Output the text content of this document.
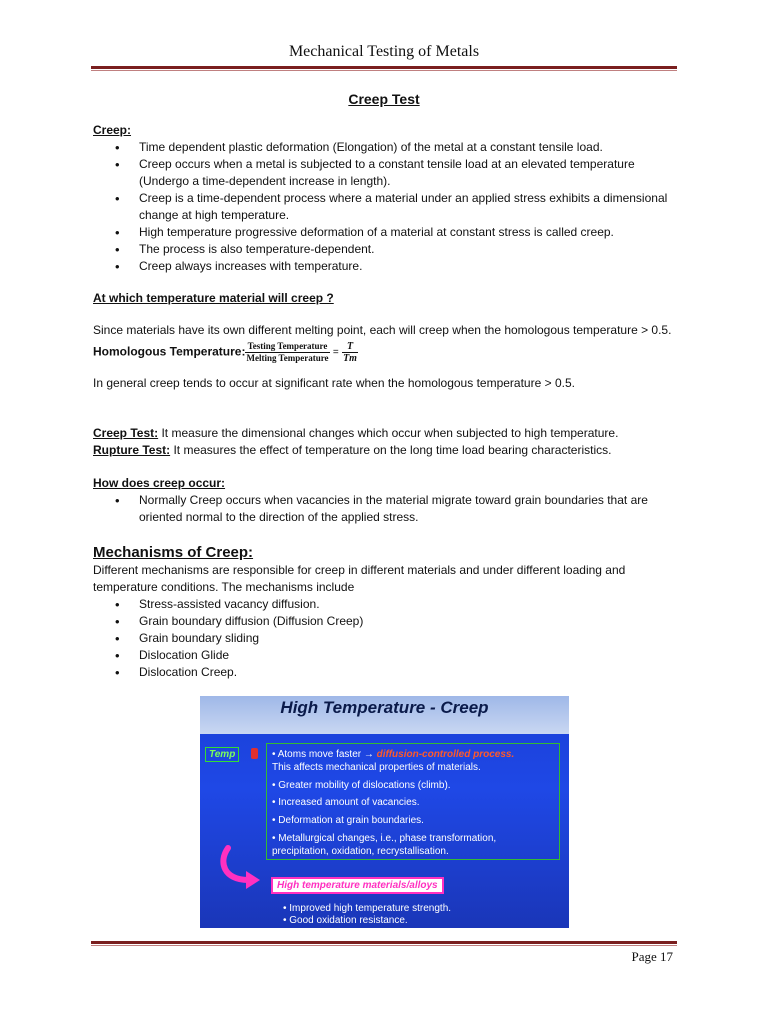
Mechanical Testing of Metals
Creep Test
Creep:
• Time dependent plastic deformation (Elongation) of the metal at a constant tensile load.
• Creep occurs when a metal is subjected to a constant tensile load at an elevated temperature (Undergo a time-dependent increase in length).
• Creep is a time-dependent process where a material under an applied stress exhibits a dimensional change at high temperature.
• High temperature progressive deformation of a material at constant stress is called creep.
• The process is also temperature-dependent.
• Creep always increases with temperature.
At which temperature material will creep ?
Since materials have its own different melting point, each will creep when the homologous temperature > 0.5.
Homologous Temperature: $\frac{\text{Testing Temperature}}{\text{Melting Temperature}} = \frac{T}{Tm}$
In general creep tends to occur at significant rate when the homologous temperature > 0.5.
Creep Test: It measure the dimensional changes which occur when subjected to high temperature.
Rupture Test: It measures the effect of temperature on the long time load bearing characteristics.
How does creep occur:
• Normally Creep occurs when vacancies in the material migrate toward grain boundaries that are oriented normal to the direction of the applied stress.
Mechanisms of Creep:
Different mechanisms are responsible for creep in different materials and under different loading and temperature conditions. The mechanisms include
• Stress-assisted vacancy diffusion.
• Grain boundary diffusion (Diffusion Creep)
• Grain boundary sliding
• Dislocation Glide
• Dislocation Creep.
High Temperature - Creep
Temp	• Atoms move faster → diffusion-controlled process.
This affects mechanical properties of materials.
• Greater mobility of dislocations (climb).
• Increased amount of vacancies.
• Deformation at grain boundaries.
• Metallurgical changes, i.e., phase transformation,
precipitation, oxidation, recrystallisation.
High temperature materials/alloys
• Improved high temperature strength.
• Good oxidation resistance.
Page 17
